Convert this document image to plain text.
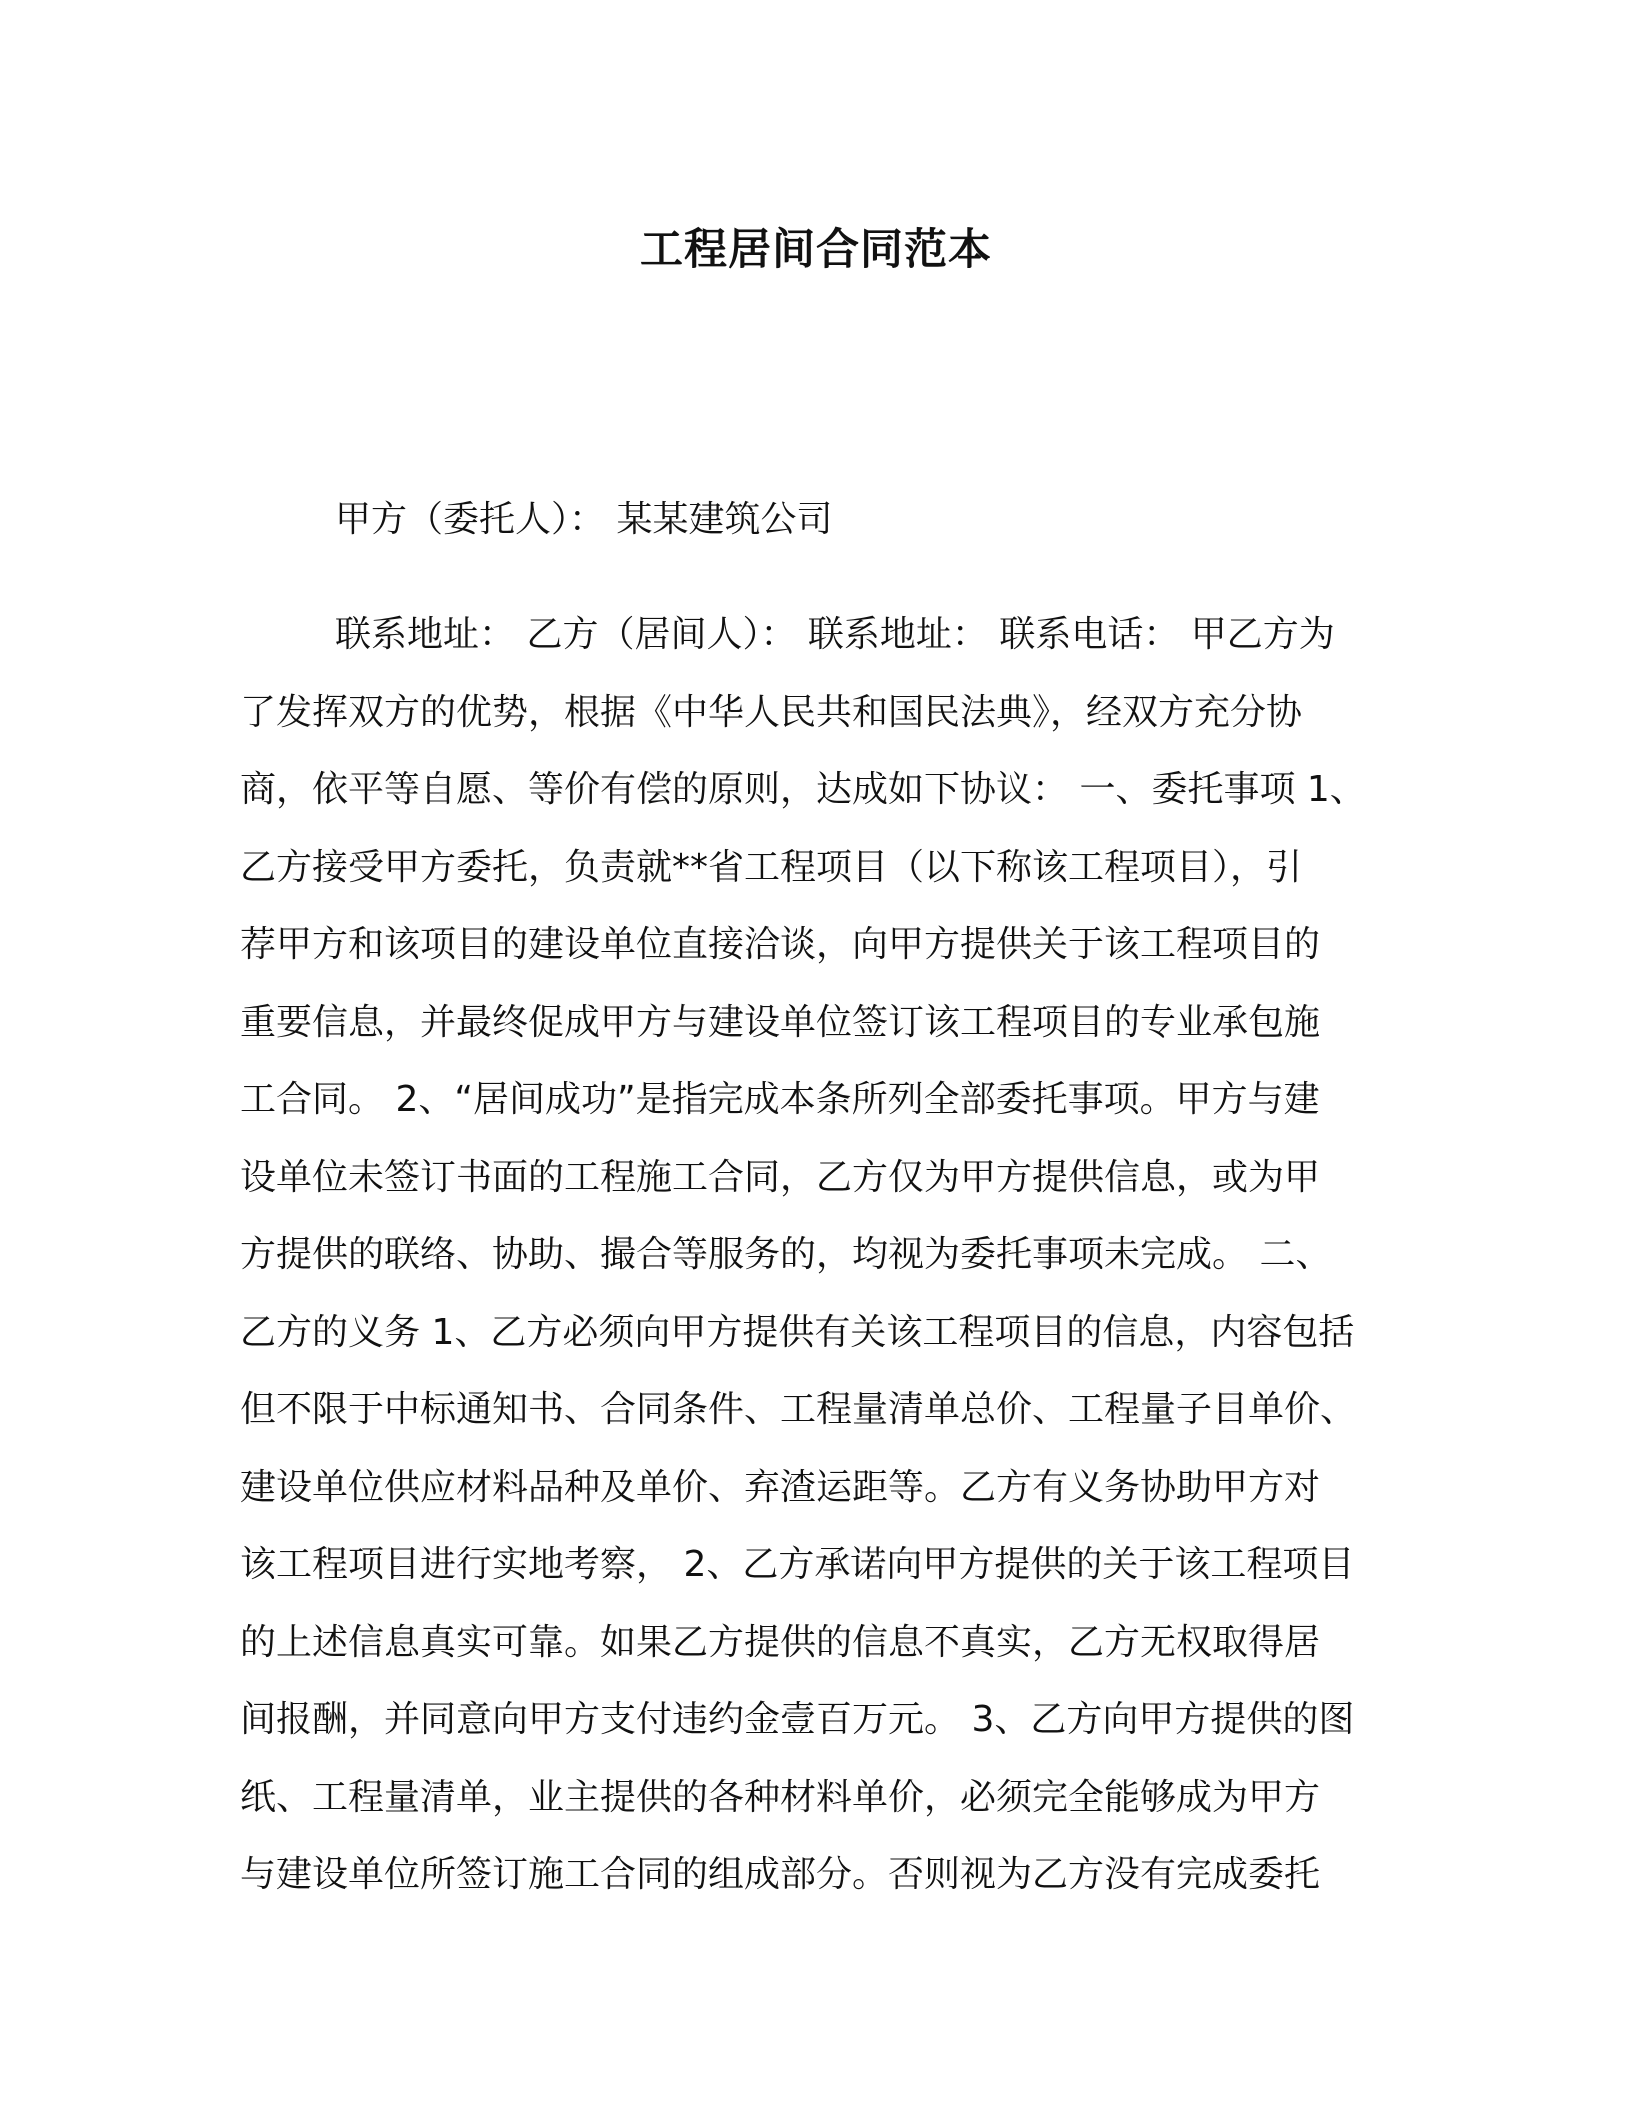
工程居间合同范本
甲方（委托人）： 某某建筑公司
联系地址： 乙方（居间人）： 联系地址： 联系电话： 甲乙方为
了发挥双方的优势，根据《中华人民共和国民法典》，经双方充分协
商，依平等自愿、等价有偿的原则，达成如下协议： 一、委托事项 1、
乙方接受甲方委托，负责就**省工程项目（以下称该工程项目），引
荐甲方和该项目的建设单位直接洽谈，向甲方提供关于该工程项目的
重要信息，并最终促成甲方与建设单位签订该工程项目的专业承包施
工合同。 2、“居间成功”是指完成本条所列全部委托事项。甲方与建
设单位未签订书面的工程施工合同，乙方仅为甲方提供信息，或为甲
方提供的联络、协助、撮合等服务的，均视为委托事项未完成。 二、
乙方的义务 1、乙方必须向甲方提供有关该工程项目的信息，内容包括
但不限于中标通知书、合同条件、工程量清单总价、工程量子目单价、
建设单位供应材料品种及单价、弃渣运距等。乙方有义务协助甲方对
该工程项目进行实地考察， 2、乙方承诺向甲方提供的关于该工程项目
的上述信息真实可靠。如果乙方提供的信息不真实，乙方无权取得居
间报酬，并同意向甲方支付违约金壹百万元。 3、乙方向甲方提供的图
纸、工程量清单，业主提供的各种材料单价，必须完全能够成为甲方
与建设单位所签订施工合同的组成部分。否则视为乙方没有完成委托
